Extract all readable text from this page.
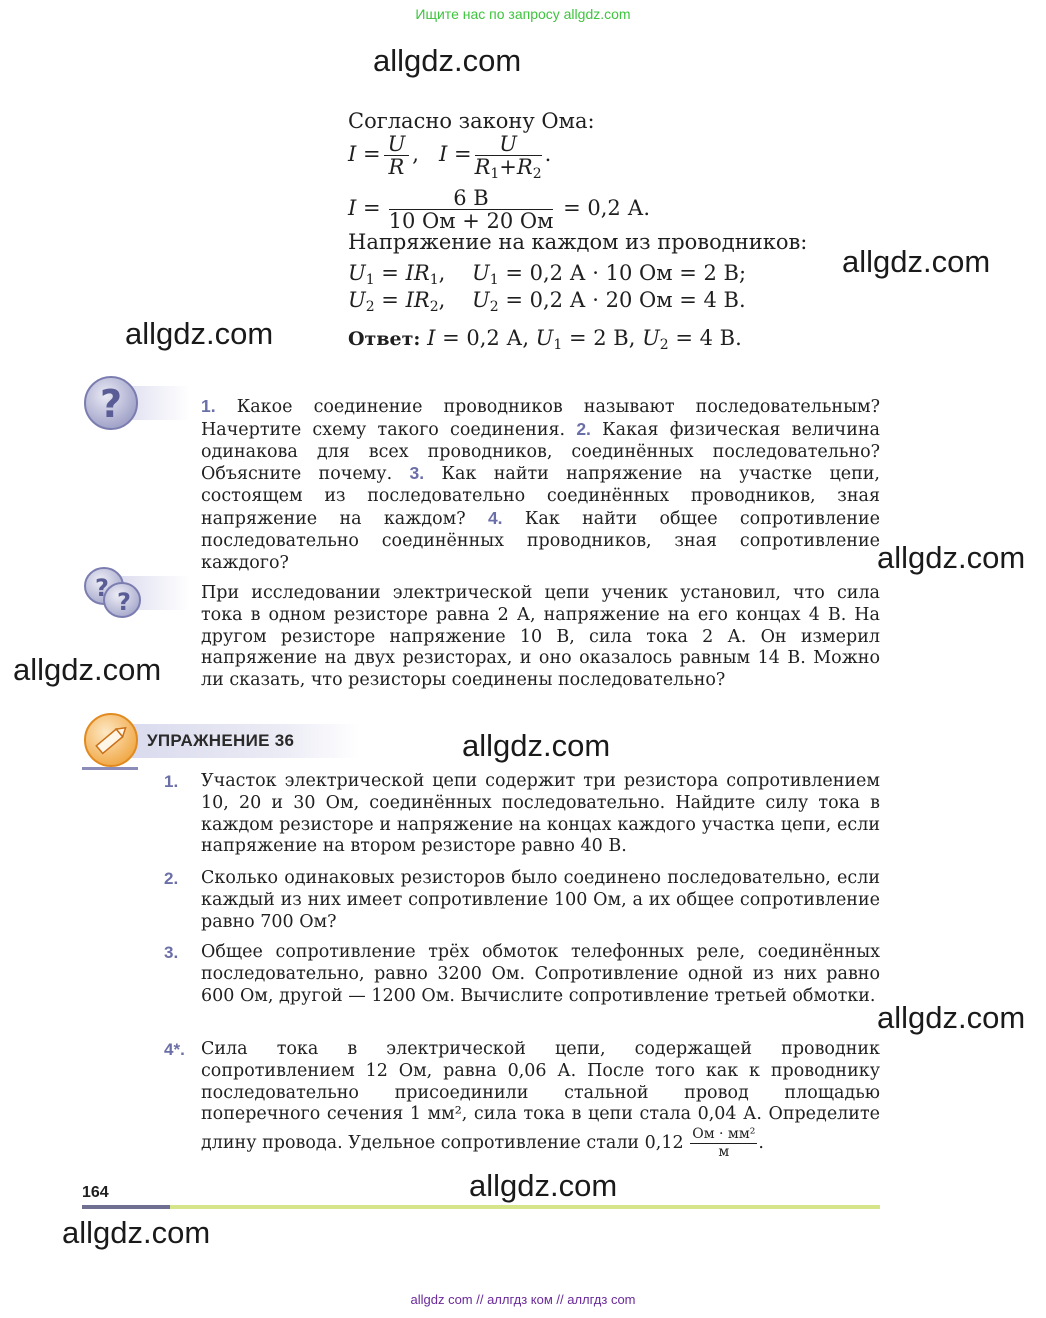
Ищите нас по запросу allgdz.com
allgdz.com
allgdz.com
allgdz.com
allgdz.com
allgdz.com
allgdz.com
allgdz.com
allgdz.com
allgdz.com
Согласно закону Ома:
$I = \frac{U}{R}$ ,   $I = \frac{U}{R_1+R_2}$ .
$I = \frac{6 В}{10 Ом + 20 Ом} = 0,2$ А.
Напряжение на каждом из проводников:
$U_1 = IR_1$,    $U_1 = 0,2$ А · 10 Ом = 2 В;
$U_2 = IR_2$,    $U_2 = 0,2$ А · 20 Ом = 4 В.
Ответ: I = 0,2 А, $U_1 = 2$ В, $U_2 = 4$ В.
?	1. Какое соединение проводников называют последовательным? Начертите схему такого соединения. 2. Какая физическая величина одинакова для всех проводников, соединённых последовательно? Объясните почему. 3. Как найти напряжение на участке цепи, состоящем из последовательно соединённых проводников, зная напряжение на каждом? 4. Как найти общее сопротивление последовательно соединённых проводников, зная сопротивление каждого?
? ?	При исследовании электрической цепи ученик установил, что сила тока в одном резисторе равна 2 А, напряжение на его концах 4 В. На другом резисторе напряжение 10 В, сила тока 2 А. Он измерил напряжение на двух резисторах, и оно оказалось равным 14 В. Можно ли сказать, что резисторы соединены последовательно?
УПРАЖНЕНИЕ 36
1.	Участок электрической цепи содержит три резистора сопротивлением 10, 20 и 30 Ом, соединённых последовательно. Найдите силу тока в каждом резисторе и напряжение на концах каждого участка цепи, если напряжение на втором резисторе равно 40 В.
2.	Сколько одинаковых резисторов было соединено последовательно, если каждый из них имеет сопротивление 100 Ом, а их общее сопротивление равно 700 Ом?
3.	Общее сопротивление трёх обмоток телефонных реле, соединённых последовательно, равно 3200 Ом. Сопротивление одной из них равно 600 Ом, другой — 1200 Ом. Вычислите сопротивление третьей обмотки.
4*. Сила тока в электрической цепи, содержащей проводник сопротивлением 12 Ом, равна 0,06 А. После того как к проводнику последовательно присоединили стальной провод площадью поперечного сечения 1 мм², сила тока в цепи стала 0,04 А. Определите длину провода. Удельное сопротивление стали $0,12 \frac{\text{Ом · мм²}}{м}$ .
164
allgdz com // аллгдз ком // аллгдз com
